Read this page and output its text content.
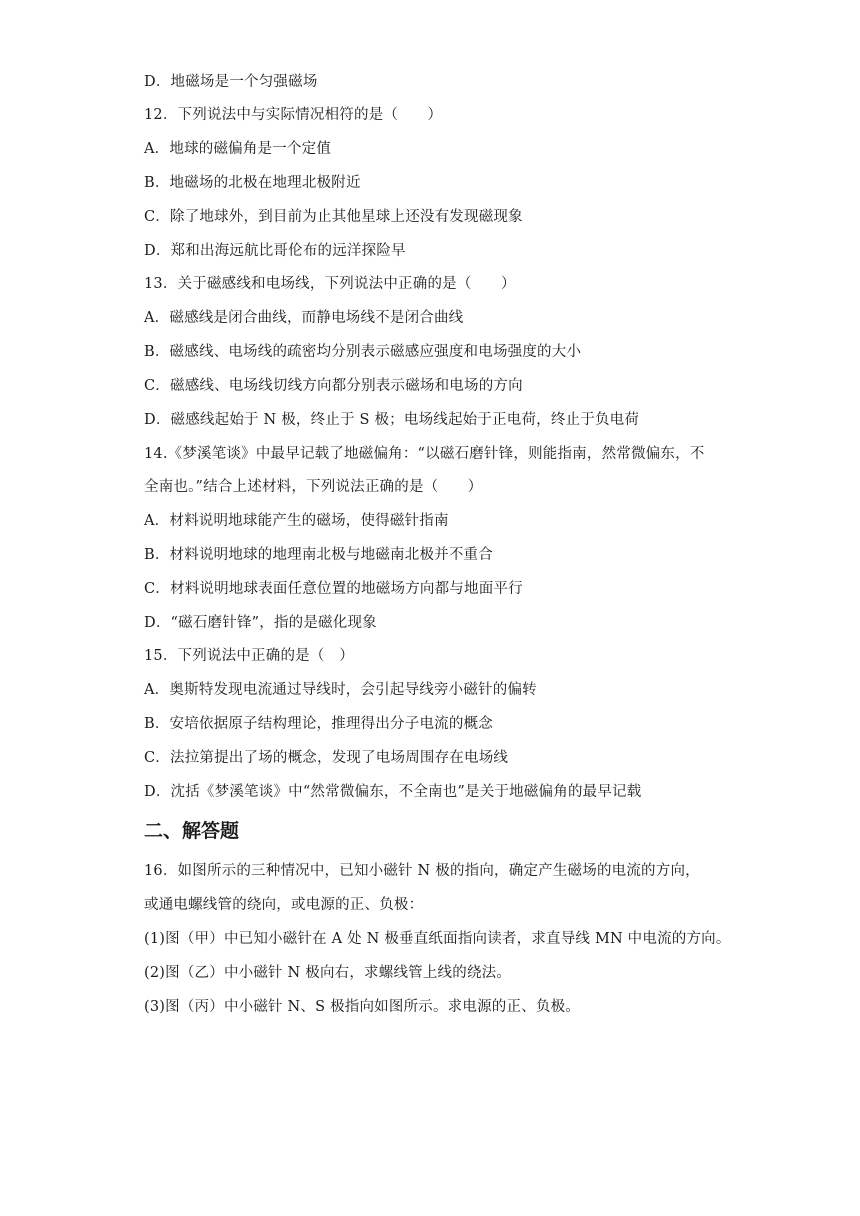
D．地磁场是一个匀强磁场
12．下列说法中与实际情况相符的是（　　）
A．地球的磁偏角是一个定值
B．地磁场的北极在地理北极附近
C．除了地球外，到目前为止其他星球上还没有发现磁现象
D．郑和出海远航比哥伦布的远洋探险早
13．关于磁感线和电场线，下列说法中正确的是（　　）
A．磁感线是闭合曲线，而静电场线不是闭合曲线
B．磁感线、电场线的疏密均分别表示磁感应强度和电场强度的大小
C．磁感线、电场线切线方向都分别表示磁场和电场的方向
D．磁感线起始于 N 极，终止于 S 极；电场线起始于正电荷，终止于负电荷
14.《梦溪笔谈》中最早记载了地磁偏角：“以磁石磨针锋，则能指南，然常微偏东，不
全南也。”结合上述材料，下列说法正确的是（　　）
A．材料说明地球能产生的磁场，使得磁针指南
B．材料说明地球的地理南北极与地磁南北极并不重合
C．材料说明地球表面任意位置的地磁场方向都与地面平行
D．“磁石磨针锋”，指的是磁化现象
15．下列说法中正确的是（　）
A．奥斯特发现电流通过导线时，会引起导线旁小磁针的偏转
B．安培依据原子结构理论，推理得出分子电流的概念
C．法拉第提出了场的概念，发现了电场周围存在电场线
D．沈括《梦溪笔谈》中“然常微偏东，不全南也”是关于地磁偏角的最早记载
二、解答题
16．如图所示的三种情况中，已知小磁针 N 极的指向，确定产生磁场的电流的方向，
或通电螺线管的绕向，或电源的正、负极：
(1)图（甲）中已知小磁针在 A 处 N 极垂直纸面指向读者，求直导线 MN 中电流的方向。
(2)图（乙）中小磁针 N 极向右，求螺线管上线的绕法。
(3)图（丙）中小磁针 N、S 极指向如图所示。求电源的正、负极。
